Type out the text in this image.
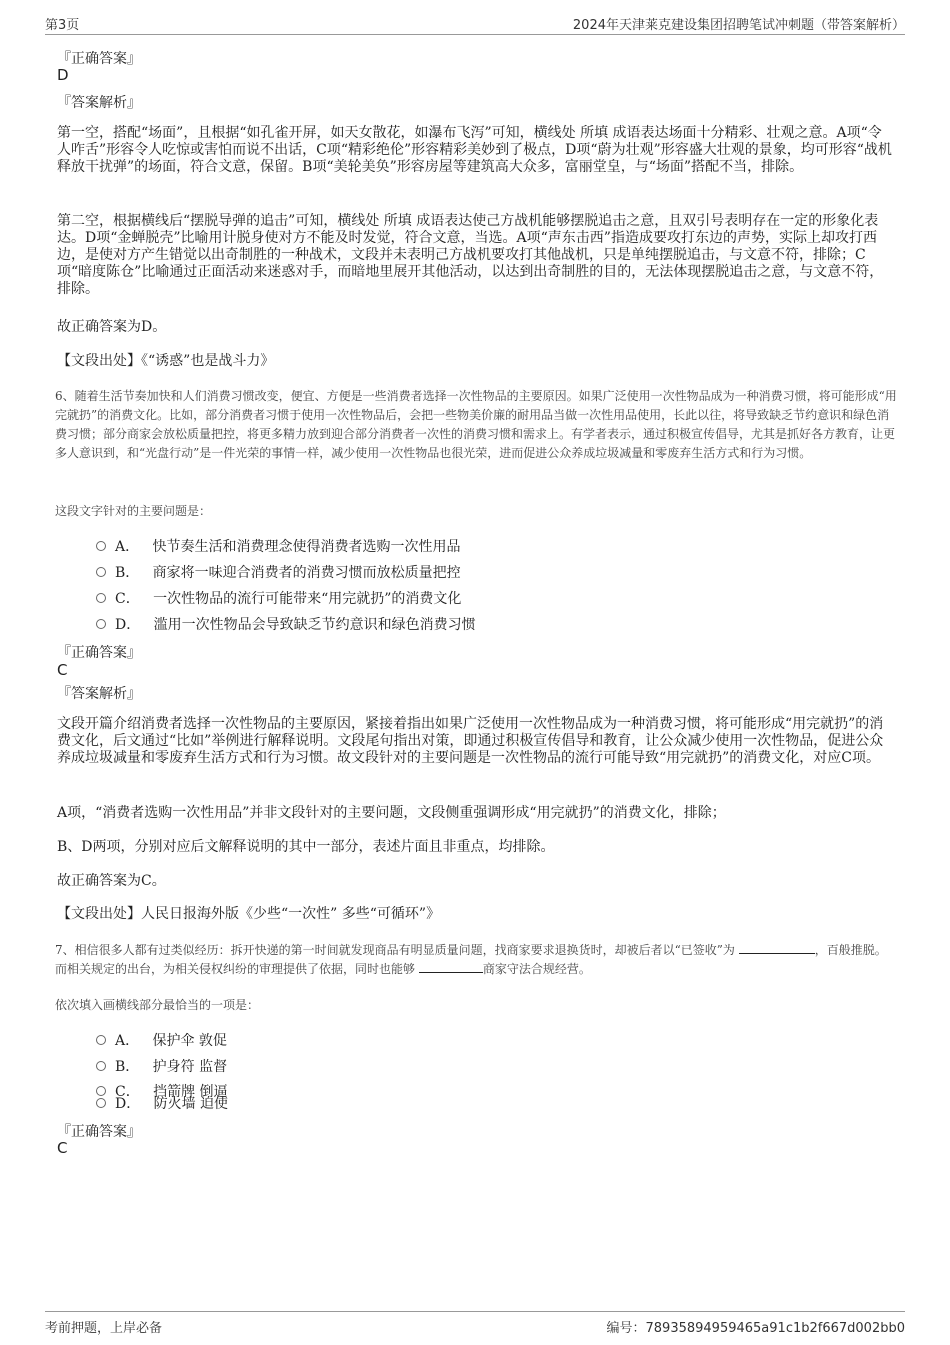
第3页	2024年天津莱克建设集团招聘笔试冲刺题（带答案解析）
『正确答案』
D
『答案解析』

第一空，搭配“场面”，且根据“如孔雀开屏，如天女散花，如瀑布飞泻”可知，横线处 所填 成语表达场面十分精彩、壮观之意。A项“令人咋舌”形容令人吃惊或害怕而说不出话，C项“精彩绝伦”形容精彩美妙到了极点，D项“蔚为壮观”形容盛大壮观的景象，均可形容“战机释放干扰弹”的场面，符合文意，保留。B项“美轮美奂”形容房屋等建筑高大众多，富丽堂皇，与“场面”搭配不当，排除。

第二空，根据横线后“摆脱导弹的追击”可知，横线处 所填 成语表达使己方战机能够摆脱追击之意，且双引号表明存在一定的形象化表达。D项“金蝉脱壳”比喻用计脱身使对方不能及时发觉，符合文意，当选。A项“声东击西”指造成要攻打东边的声势，实际上却攻打西边，是使对方产生错觉以出奇制胜的一种战术，文段并未表明己方战机要攻打其他战机，只是单纯摆脱追击，与文意不符，排除；C项“暗度陈仓”比喻通过正面活动来迷惑对手，而暗地里展开其他活动，以达到出奇制胜的目的，无法体现摆脱追击之意，与文意不符，排除。

故正确答案为D。

【文段出处】《“诱惑”也是战斗力》

6、随着生活节奏加快和人们消费习惯改变，便宜、方便是一些消费者选择一次性物品的主要原因。如果广泛使用一次性物品成为一种消费习惯，将可能形成“用完就扔”的消费文化。比如，部分消费者习惯于使用一次性物品后，会把一些物美价廉的耐用品当做一次性用品使用，长此以往，将导致缺乏节约意识和绿色消费习惯；部分商家会放松质量把控，将更多精力放到迎合部分消费者一次性的消费习惯和需求上。有学者表示，通过积极宣传倡导，尤其是抓好各方教育，让更多人意识到，和“光盘行动”是一件光荣的事情一样，减少使用一次性物品也很光荣，进而促进公众养成垃圾减量和零废弃生活方式和行为习惯。

这段文字针对的主要问题是：
A． 快节奏生活和消费理念使得消费者选购一次性用品
B． 商家将一味迎合消费者的消费习惯而放松质量把控
C． 一次性物品的流行可能带来“用完就扔”的消费文化
D． 滥用一次性物品会导致缺乏节约意识和绿色消费习惯
『正确答案』
C
『答案解析』

文段开篇介绍消费者选择一次性物品的主要原因，紧接着指出如果广泛使用一次性物品成为一种消费习惯，将可能形成“用完就扔”的消费文化，后文通过“比如”举例进行解释说明。文段尾句指出对策，即通过积极宣传倡导和教育，让公众减少使用一次性物品，促进公众养成垃圾减量和零废弃生活方式和行为习惯。故文段针对的主要问题是一次性物品的流行可能导致“用完就扔”的消费文化，对应C项。

A项，“消费者选购一次性用品”并非文段针对的主要问题，文段侧重强调形成“用完就扔”的消费文化，排除；

B、D两项，分别对应后文解释说明的其中一部分，表述片面且非重点，均排除。

故正确答案为C。

【文段出处】人民日报海外版《少些“一次性” 多些“可循环”》

7、相信很多人都有过类似经历：拆开快递的第一时间就发现商品有明显质量问题，找商家要求退换货时，却被后者以“已签收”为	，百般推脱。而相关规定的出台，为相关侵权纠纷的审理提供了依据，同时也能够	商家守法合规经营。

依次填入画横线部分最恰当的一项是：
A． 保护伞 敦促
B． 护身符 监督
C． 挡箭牌 倒逼
D． 防火墙 迫使
『正确答案』
C
考前押题，上岸必备	编号：78935894959465a91c1b2f667d002bb0
